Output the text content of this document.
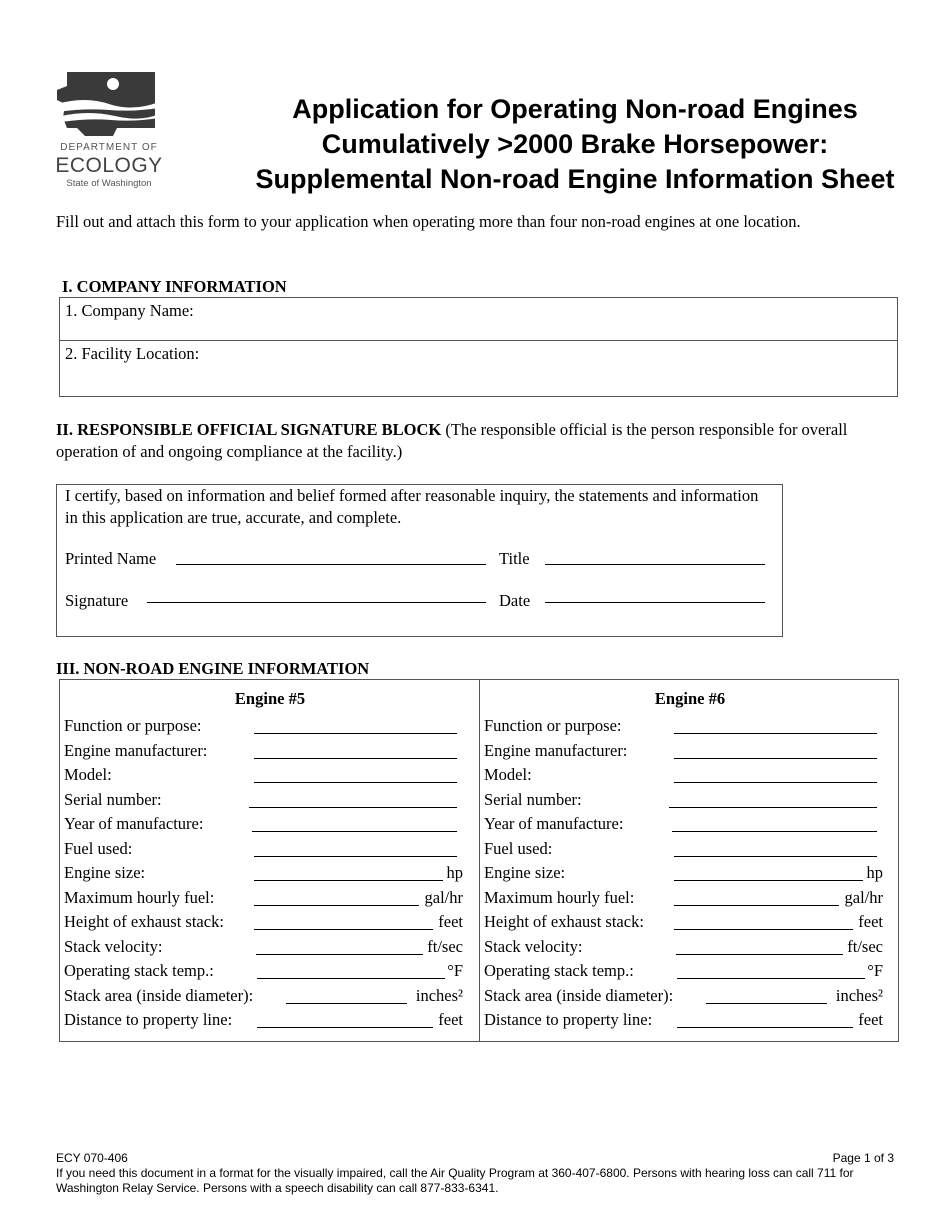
DEPARTMENT OF
ECOLOGY
State of Washington
Application for Operating Non-road Engines
Cumulatively >2000 Brake Horsepower:
Supplemental Non-road Engine Information Sheet
Fill out and attach this form to your application when operating more than four non-road engines at one location.
I. COMPANY INFORMATION
1. Company Name:
2. Facility Location:
II. RESPONSIBLE OFFICIAL SIGNATURE BLOCK (The responsible official is the person responsible for overall operation of and ongoing compliance at the facility.)
I certify, based on information and belief formed after reasonable inquiry, the statements and information in this application are true, accurate, and complete.
Printed Name	Title
Signature	Date
III. NON-ROAD ENGINE INFORMATION
Engine #5
Function or purpose:
Engine manufacturer:
Model:
Serial number:
Year of manufacture:
Fuel used:
Engine size:	hp
Maximum hourly fuel:	gal/hr
Height of exhaust stack:	feet
Stack velocity:	ft/sec
Operating stack temp.:	°F
Stack area (inside diameter):	inches²
Distance to property line:	feet
Engine #6
Function or purpose:
Engine manufacturer:
Model:
Serial number:
Year of manufacture:
Fuel used:
Engine size:	hp
Maximum hourly fuel:	gal/hr
Height of exhaust stack:	feet
Stack velocity:	ft/sec
Operating stack temp.:	°F
Stack area (inside diameter):	inches²
Distance to property line:	feet
ECY 070-406	Page 1 of 3
If you need this document in a format for the visually impaired, call the Air Quality Program at 360-407-6800. Persons with hearing loss can call 711 for Washington Relay Service. Persons with a speech disability can call 877-833-6341.
